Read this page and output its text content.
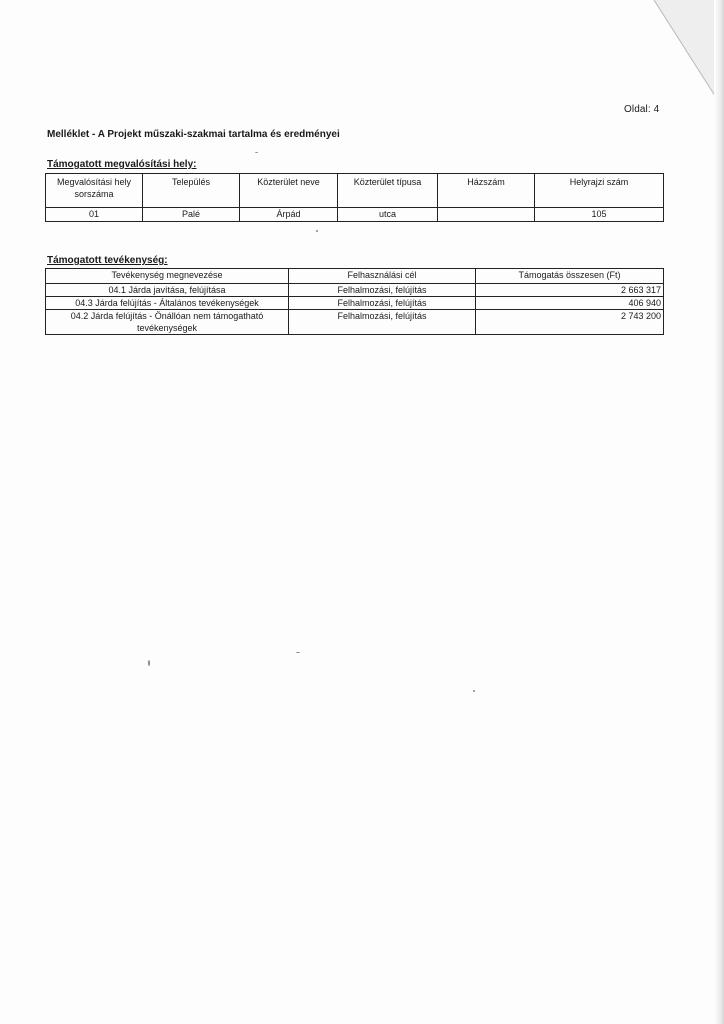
Oldal: 4
Melléklet - A Projekt műszaki-szakmai tartalma és eredményei
Támogatott megvalósítási hely:
Megvalósítási hely sorszáma	Település	Közterület neve	Közterület típusa	Házszám	Helyrajzi szám
01	Palé	Árpád	utca		105
Támogatott tevékenység:
Tevékenység megnevezése	Felhasználási cél	Támogatás összesen (Ft)
04.1 Járda javítása, felújítása	Felhalmozási, felújítás	2 663 317
04.3 Járda felújítás - Általános tevékenységek	Felhalmozási, felújítás	406 940
04.2 Járda felújítás - Önállóan nem támogatható tevékenységek	Felhalmozási, felújítás	2 743 200
